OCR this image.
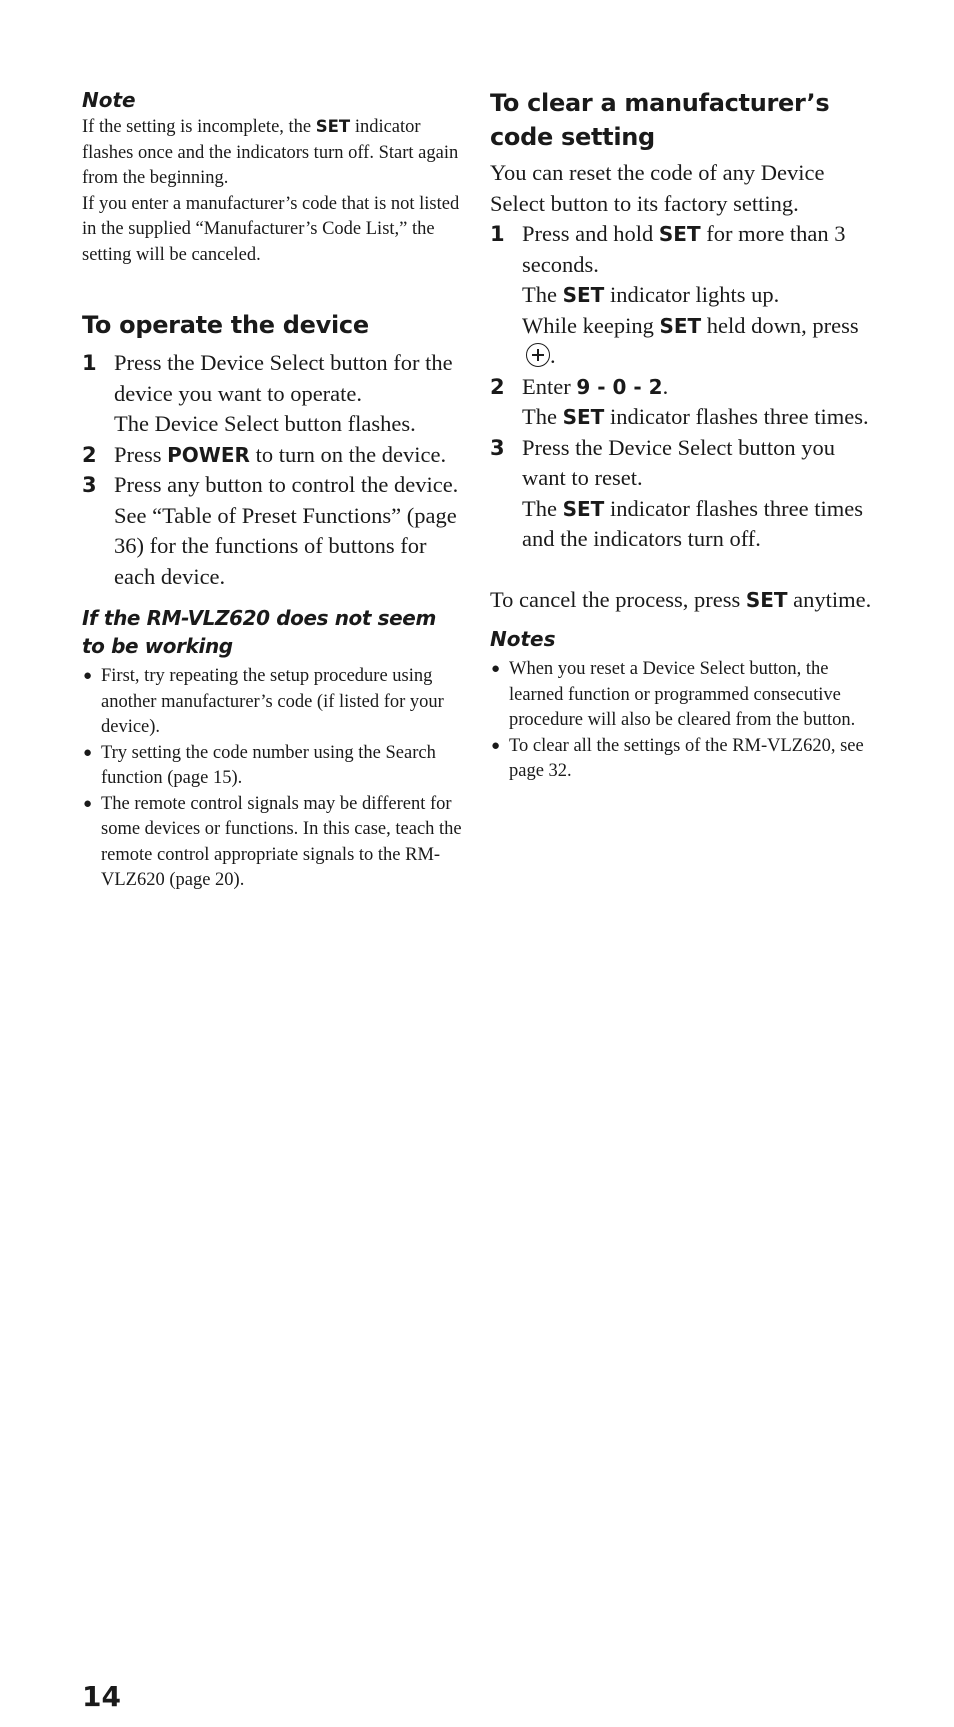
Note

If the setting is incomplete, the SET indicator flashes once and the indicators turn off. Start again from the beginning.

If you enter a manufacturer’s code that is not listed in the supplied “Manufacturer’s Code List,” the setting will be canceled.

To operate the device
1 Press the Device Select button for the device you want to operate.
The Device Select button flashes.
2 Press POWER to turn on the device.
3 Press any button to control the device.
See “Table of Preset Functions” (page 36) for the functions of buttons for each device.

If the RM-VLZ620 does not seem to be working

● First, try repeating the setup procedure using another manufacturer’s code (if listed for your device).
● Try setting the code number using the Search function (page 15).
● The remote control signals may be different for some devices or functions. In this case, teach the remote control appropriate signals to the RM-VLZ620 (page 20).
To clear a manufacturer’s code setting

You can reset the code of any Device Select button to its factory setting.

1 Press and hold SET for more than 3 seconds.
The SET indicator lights up.
While keeping SET held down, press.
2 Enter 9 - 0 - 2.
The SET indicator flashes three times.
3 Press the Device Select button you want to reset.
The SET indicator flashes three times and the indicators turn off.

To cancel the process, press SET anytime.

Notes

● When you reset a Device Select button, the learned function or programmed consecutive procedure will also be cleared from the button.
● To clear all the settings of the RM-VLZ620, see page 32.
14
